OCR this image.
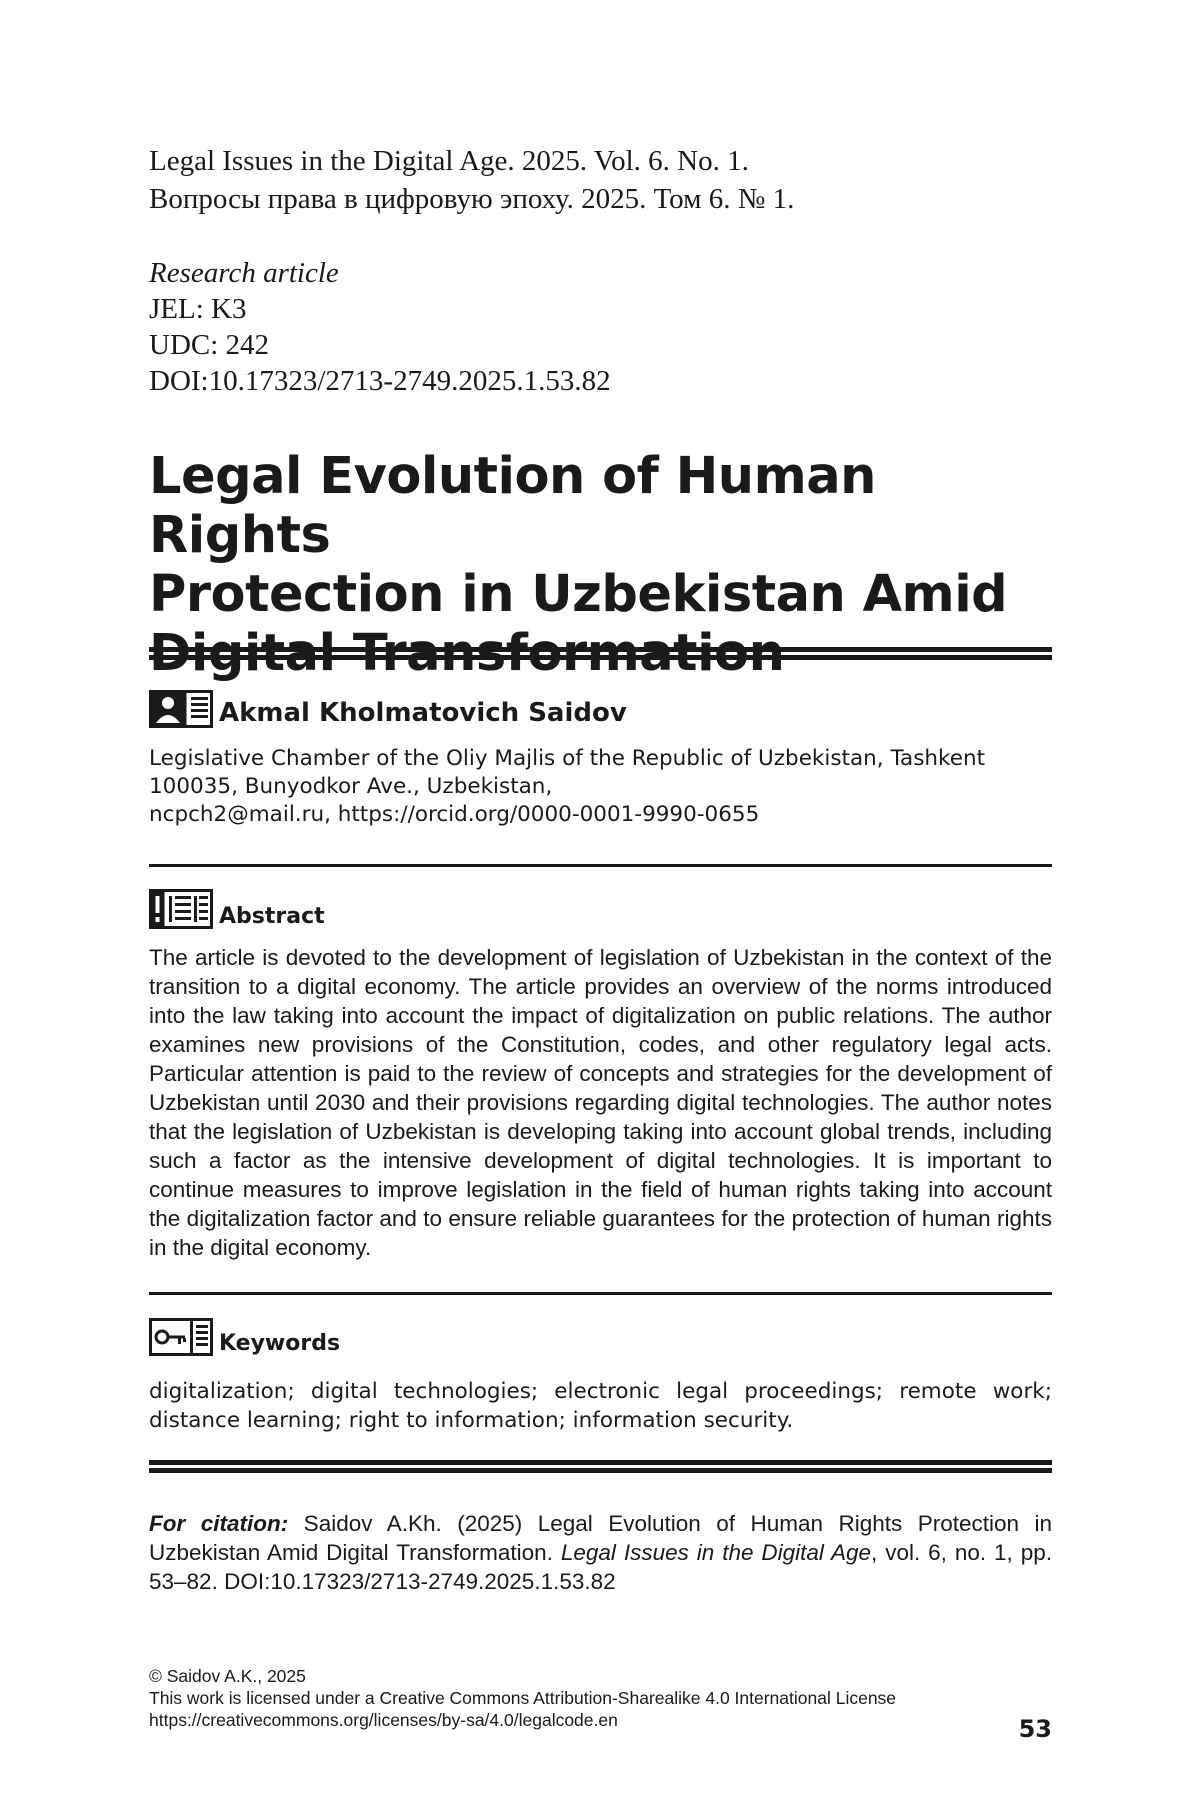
Legal Issues in the Digital Age. 2025. Vol. 6. No. 1.
Вопросы права в цифровую эпоху. 2025. Том 6. № 1.
Research article
JEL: K3
UDC: 242
DOI:10.17323/2713-2749.2025.1.53.82
Legal Evolution of Human Rights
Protection in Uzbekistan Amid
Digital Transformation
Akmal Kholmatovich Saidov
Legislative Chamber of the Oliy Majlis of the Republic of Uzbekistan, Tashkent
100035, Bunyodkor Ave., Uzbekistan,
ncpch2@mail.ru, https://orcid.org/0000-0001-9990-0655
Abstract

The article is devoted to the development of legislation of Uzbekistan in the context of the transition to a digital economy. The article provides an overview of the norms introduced into the law taking into account the impact of digitalization on public relations. The author examines new provisions of the Constitution, codes, and other regulatory legal acts. Particular attention is paid to the review of concepts and strategies for the development of Uzbekistan until 2030 and their provisions regarding digital technologies. The author notes that the legislation of Uzbekistan is developing taking into account global trends, including such a factor as the intensive development of digital technologies. It is important to continue measures to improve legislation in the field of human rights taking into account the digitalization factor and to ensure reliable guarantees for the protection of human rights in the digital economy.

Keywords

digitalization; digital technologies; electronic legal proceedings; remote work; distance learning; right to information; information security.

For citation: Saidov A.Kh. (2025) Legal Evolution of Human Rights Protection in Uzbekistan Amid Digital Transformation. Legal Issues in the Digital Age, vol. 6, no. 1, pp. 53–82. DOI:10.17323/2713-2749.2025.1.53.82

© Saidov A.K., 2025
This work is licensed under a Creative Commons Attribution-Sharealike 4.0 International License
https://creativecommons.org/licenses/by-sa/4.0/legalcode.en	53
